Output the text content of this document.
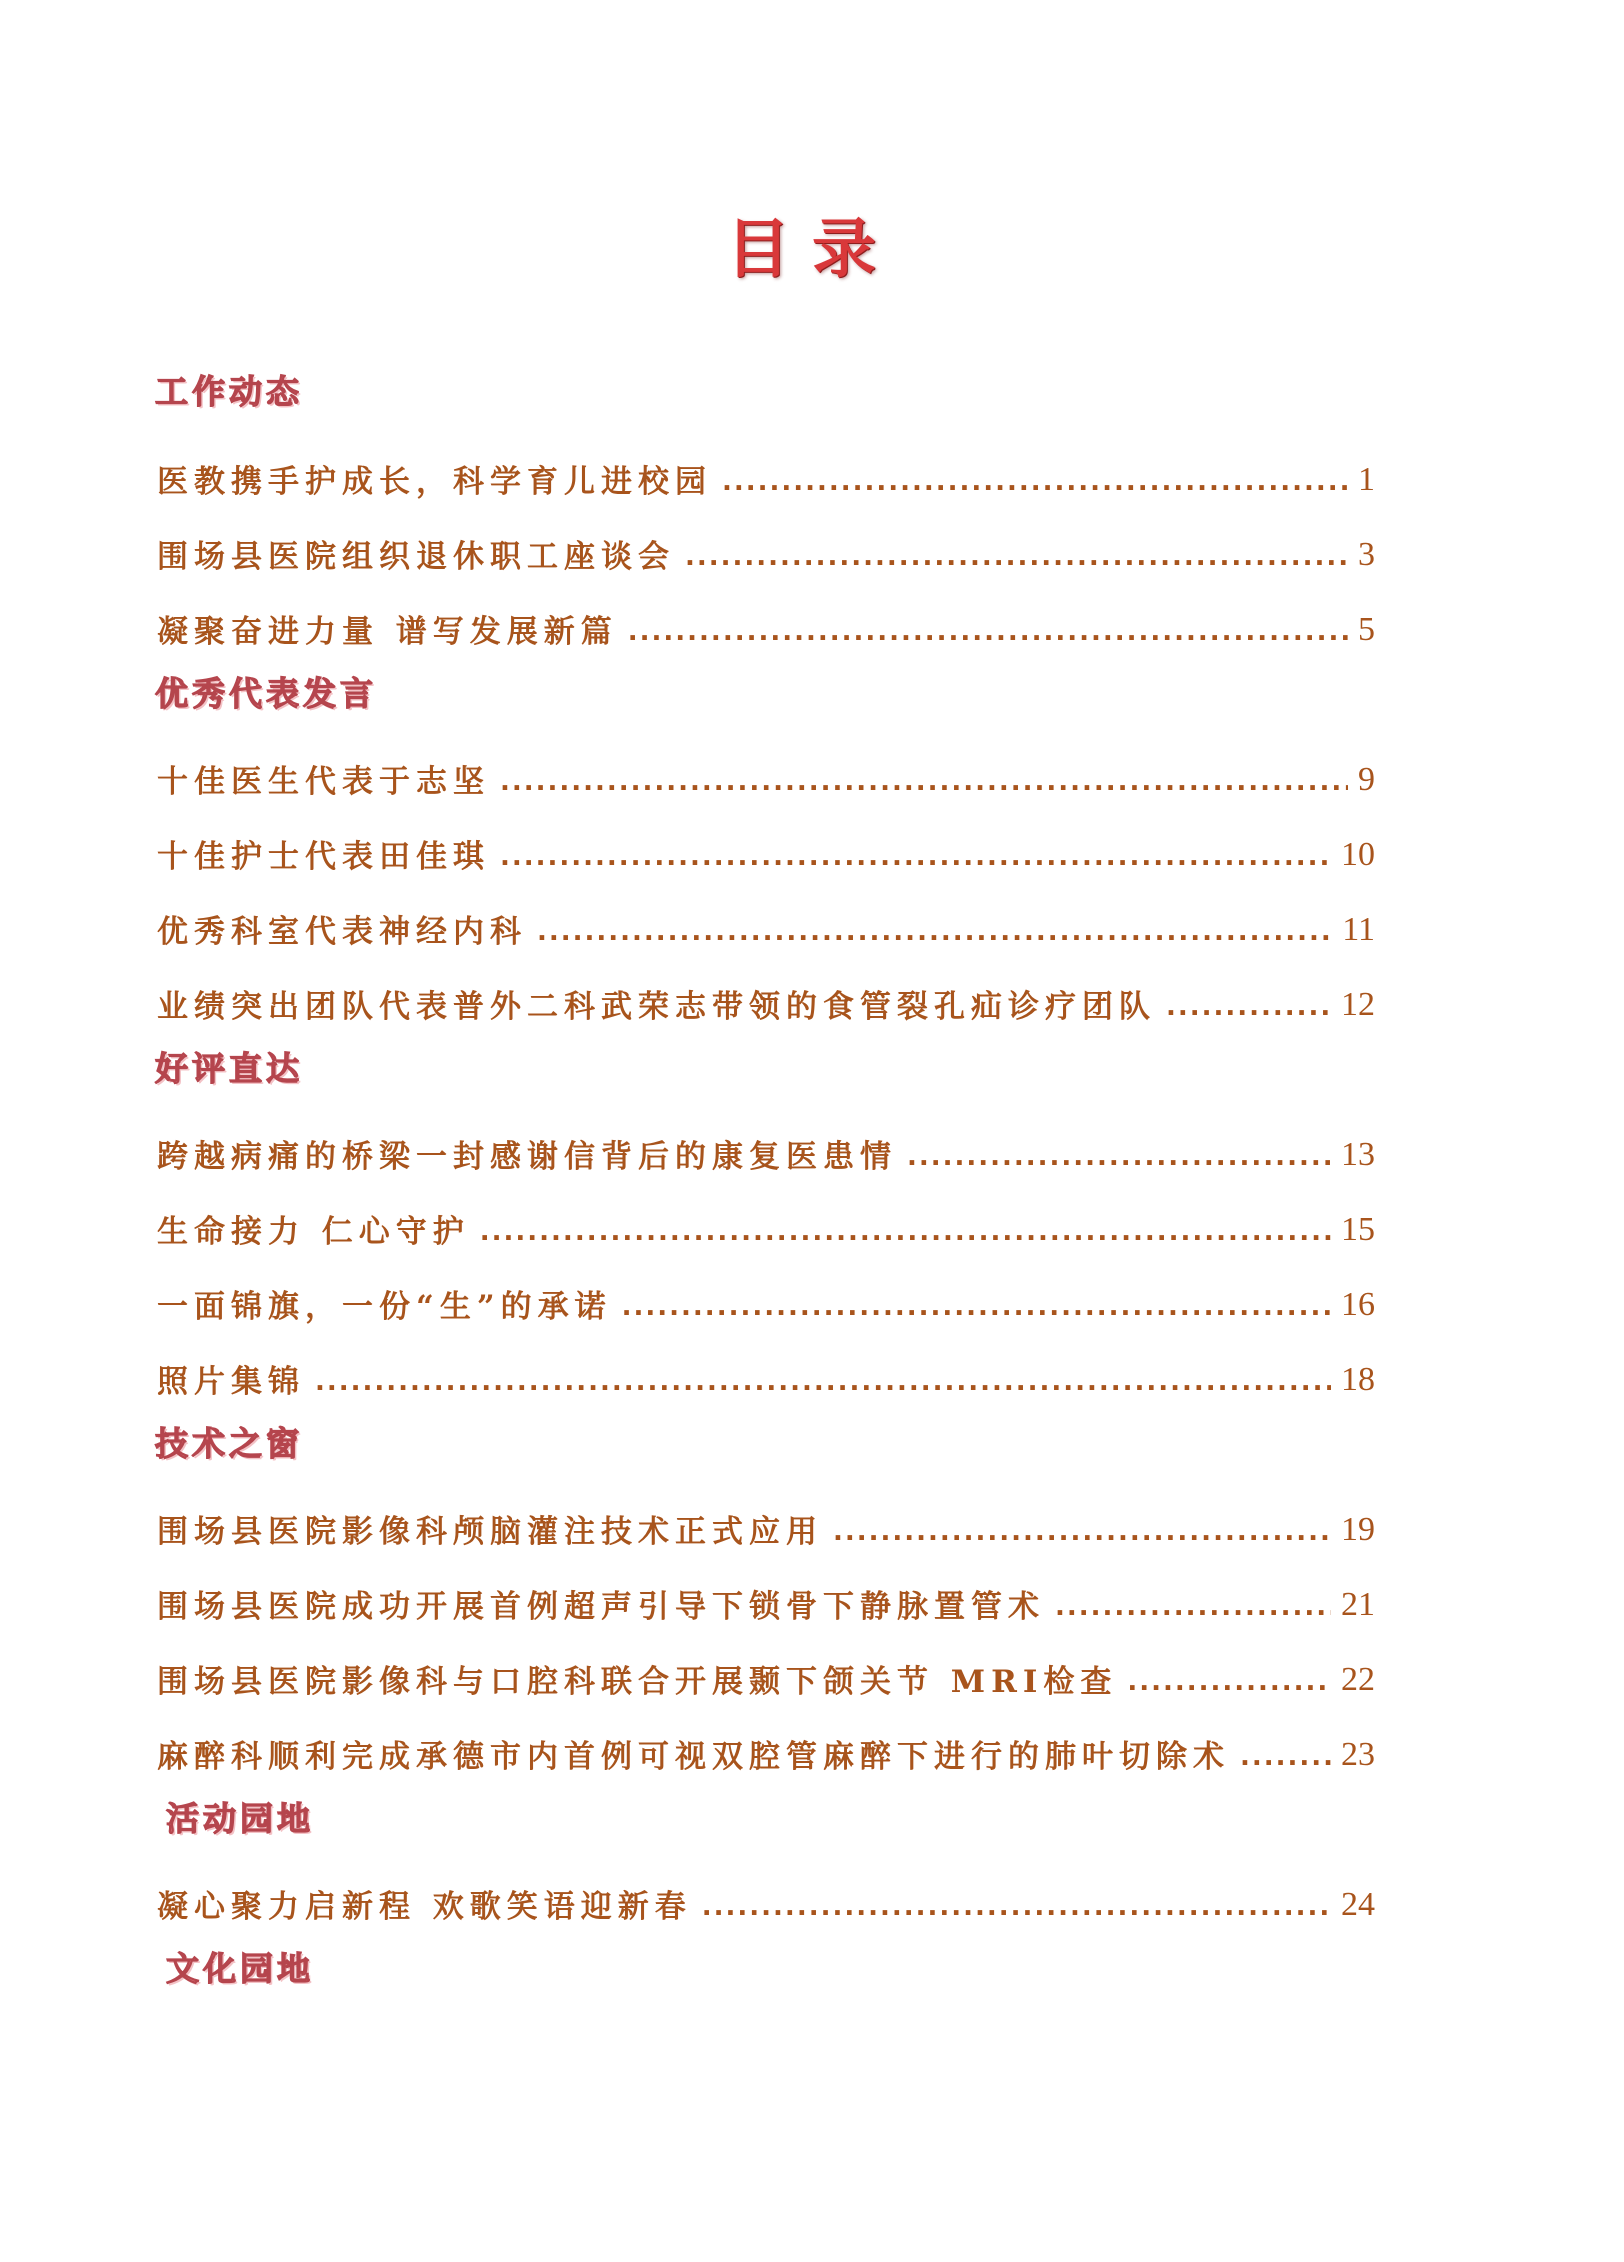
目录
工作动态
医教携手护成长，科学育儿进校园 .....	1
围场县医院组织退休职工座谈会 .....	3
凝聚奋进力量 谱写发展新篇 .....	5
优秀代表发言
十佳医生代表于志坚 .....	9
十佳护士代表田佳琪 .....	10
优秀科室代表神经内科 .....	11
业绩突出团队代表普外二科武荣志带领的食管裂孔疝诊疗团队 .....	12
好评直达
跨越病痛的桥梁一封感谢信背后的康复医患情 .....	13
生命接力 仁心守护 .....	15
一面锦旗，一份“生”的承诺 .....	16
照片集锦 .....	18
技术之窗
围场县医院影像科颅脑灌注技术正式应用 .....	19
围场县医院成功开展首例超声引导下锁骨下静脉置管术 .....	21
围场县医院影像科与口腔科联合开展颞下颌关节 MRI检查 .....	22
麻醉科顺利完成承德市内首例可视双腔管麻醉下进行的肺叶切除术 .....	23
活动园地
凝心聚力启新程 欢歌笑语迎新春 .....	24
文化园地
